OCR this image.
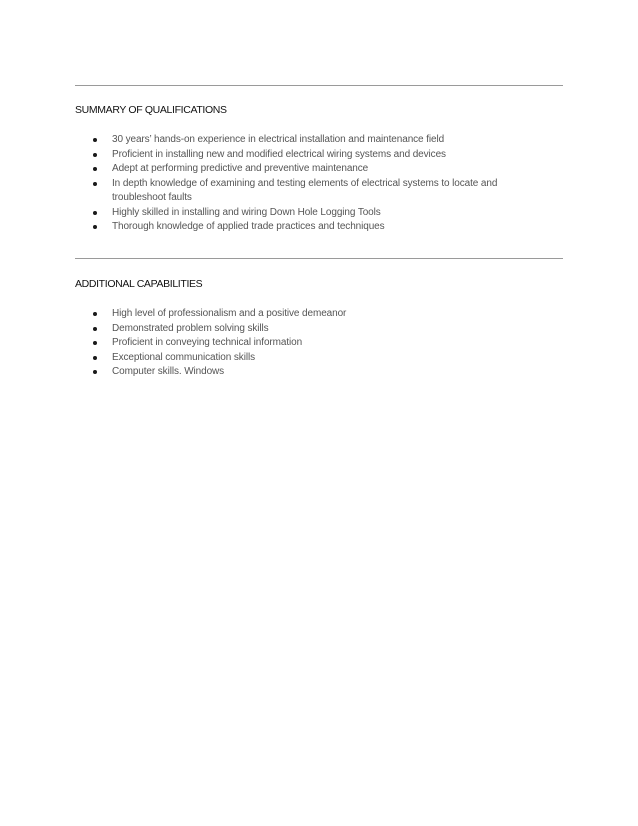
SUMMARY OF QUALIFICATIONS
30 years’ hands-on experience in electrical installation and maintenance field
Proficient in installing new and modified electrical wiring systems and devices
Adept at performing predictive and preventive maintenance
In depth knowledge of examining and testing elements of electrical systems to locate and troubleshoot faults
Highly skilled in installing and wiring Down Hole Logging Tools
Thorough knowledge of applied trade practices and techniques
ADDITIONAL CAPABILITIES
High level of professionalism and a positive demeanor
Demonstrated problem solving skills
Proficient in conveying technical information
Exceptional communication skills
Computer skills. Windows
